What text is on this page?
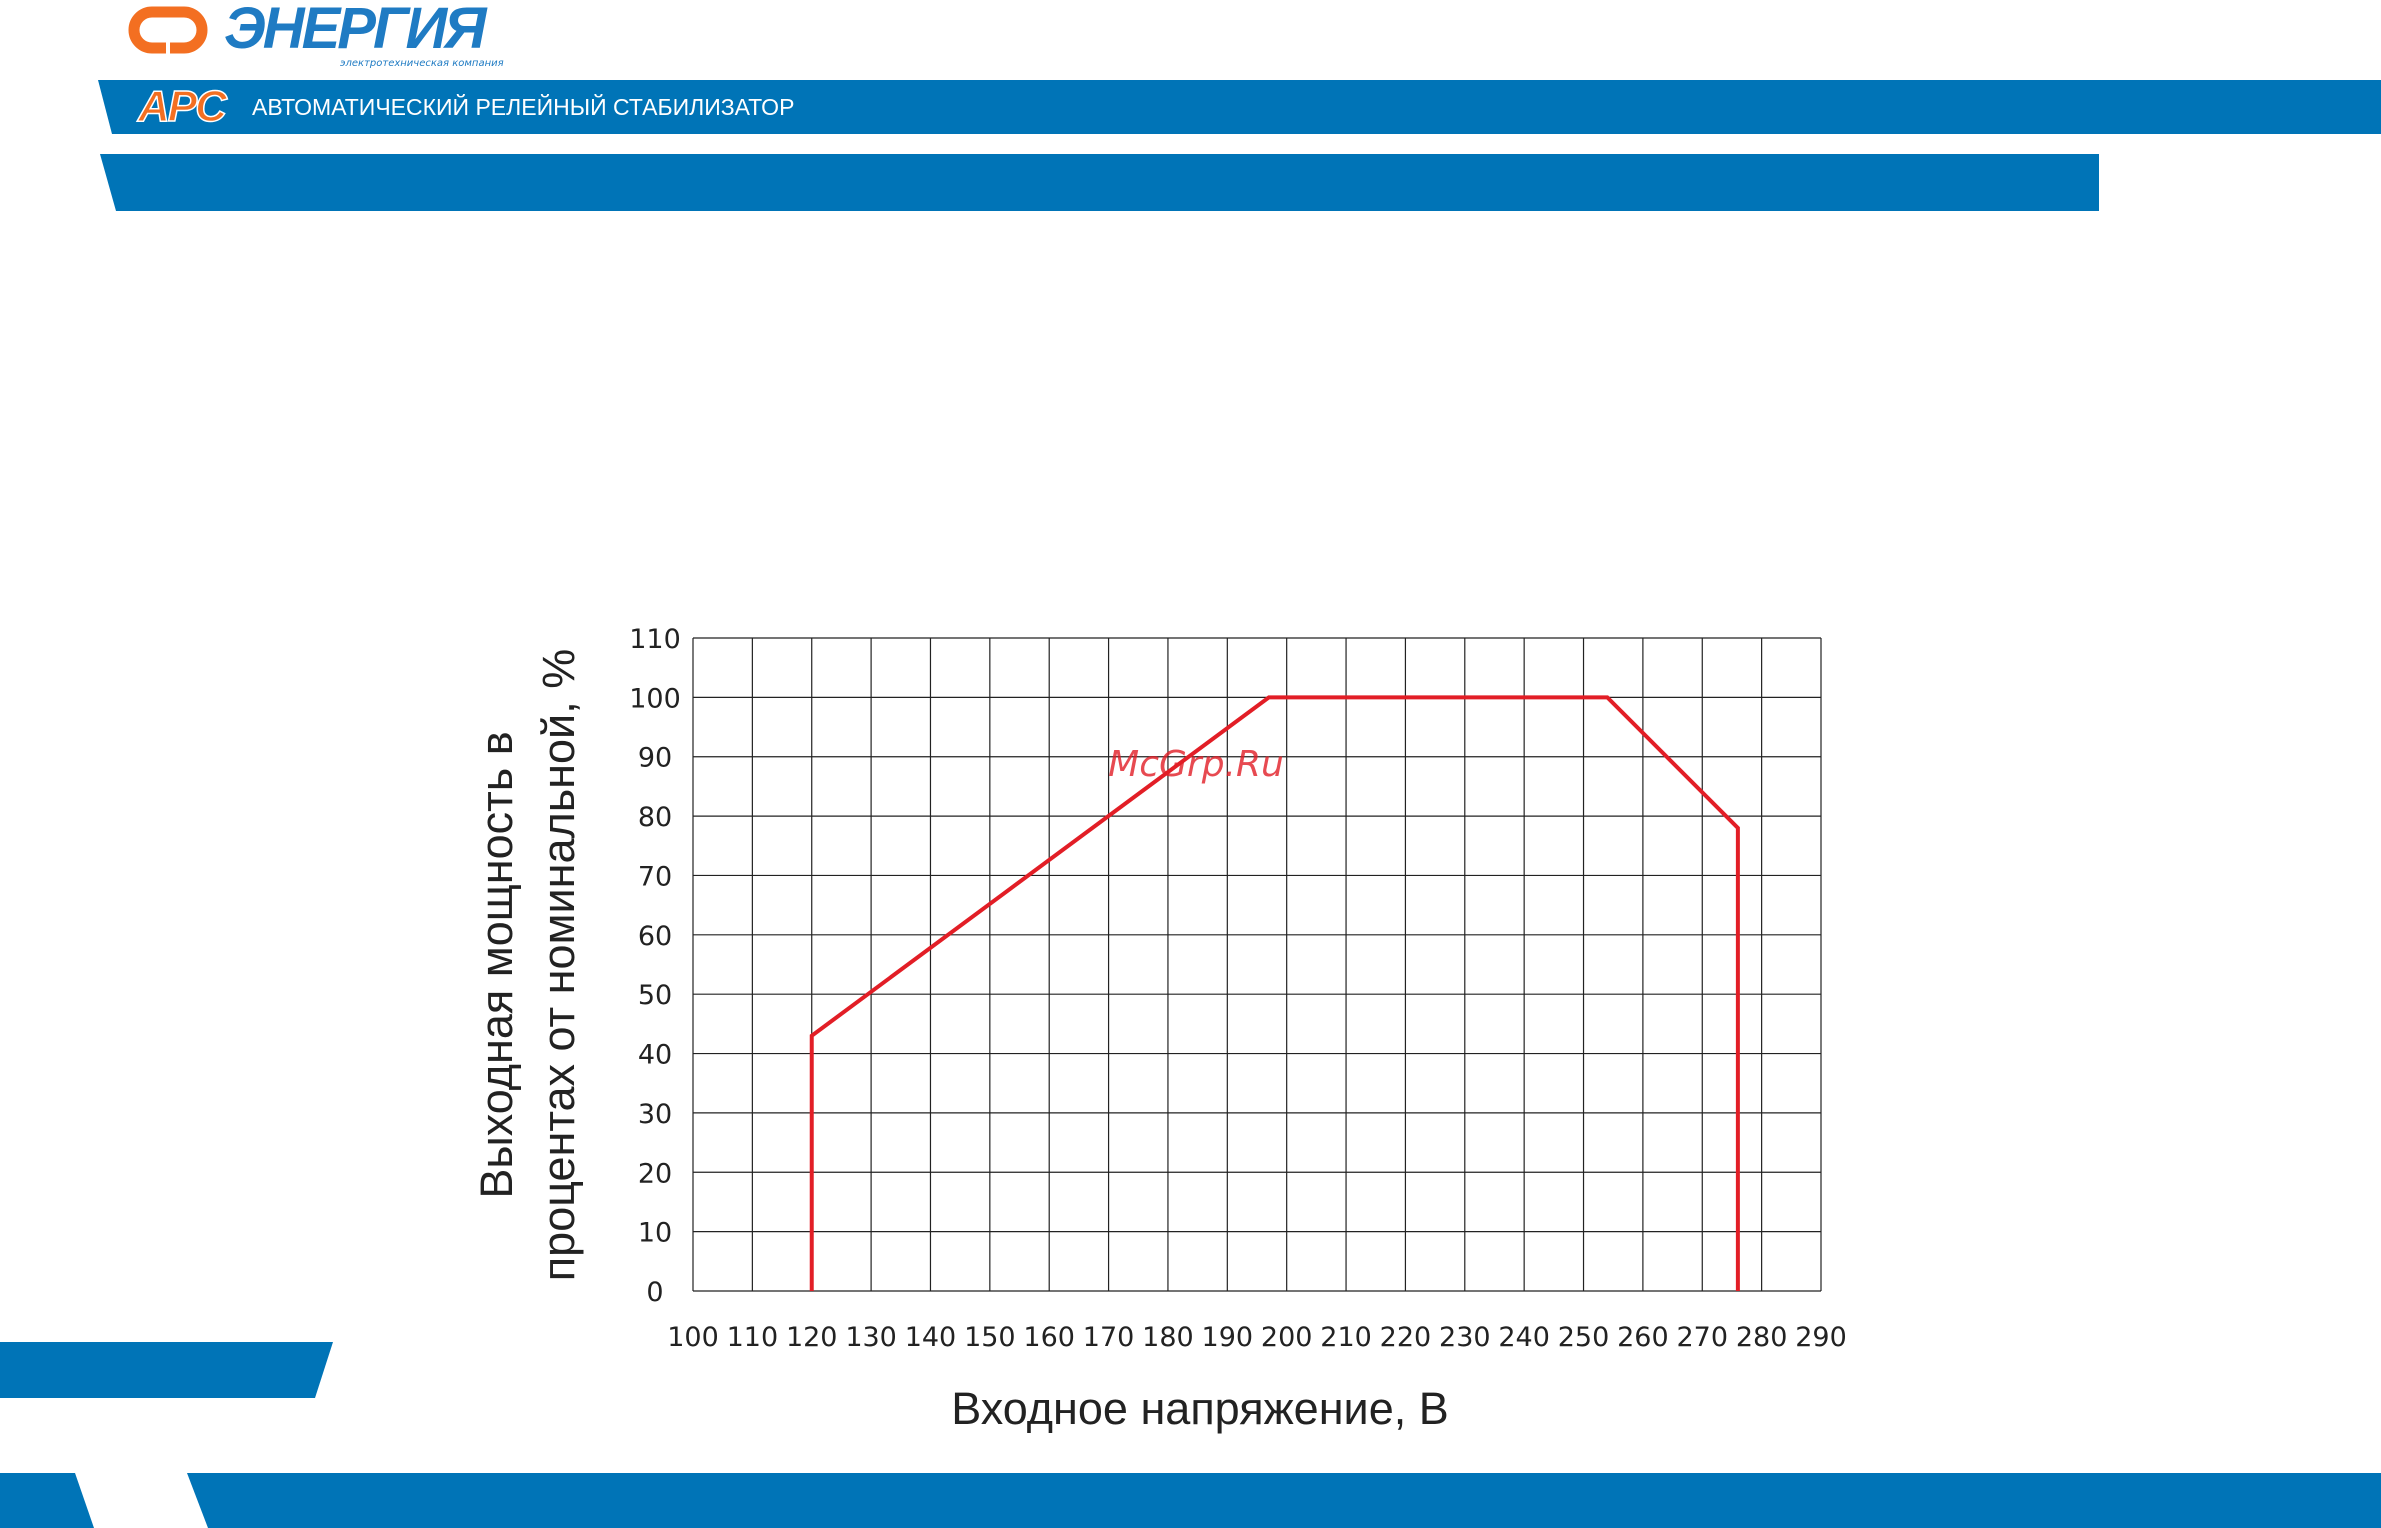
ЭНЕРГИЯ
электротехническая компания
АРС АВТОМАТИЧЕСКИЙ РЕЛЕЙНЫЙ СТАБИЛИЗАТОР
100 110 120 130 140 150 160 170 180 190 200 210 220 230 240 250 260 270 280 290
0
10
20
30
40
50
60
70
80
90
100
110
Входное напряжение, В
Выходная мощность в процентах от номинальной, %	McGrp.Ru
